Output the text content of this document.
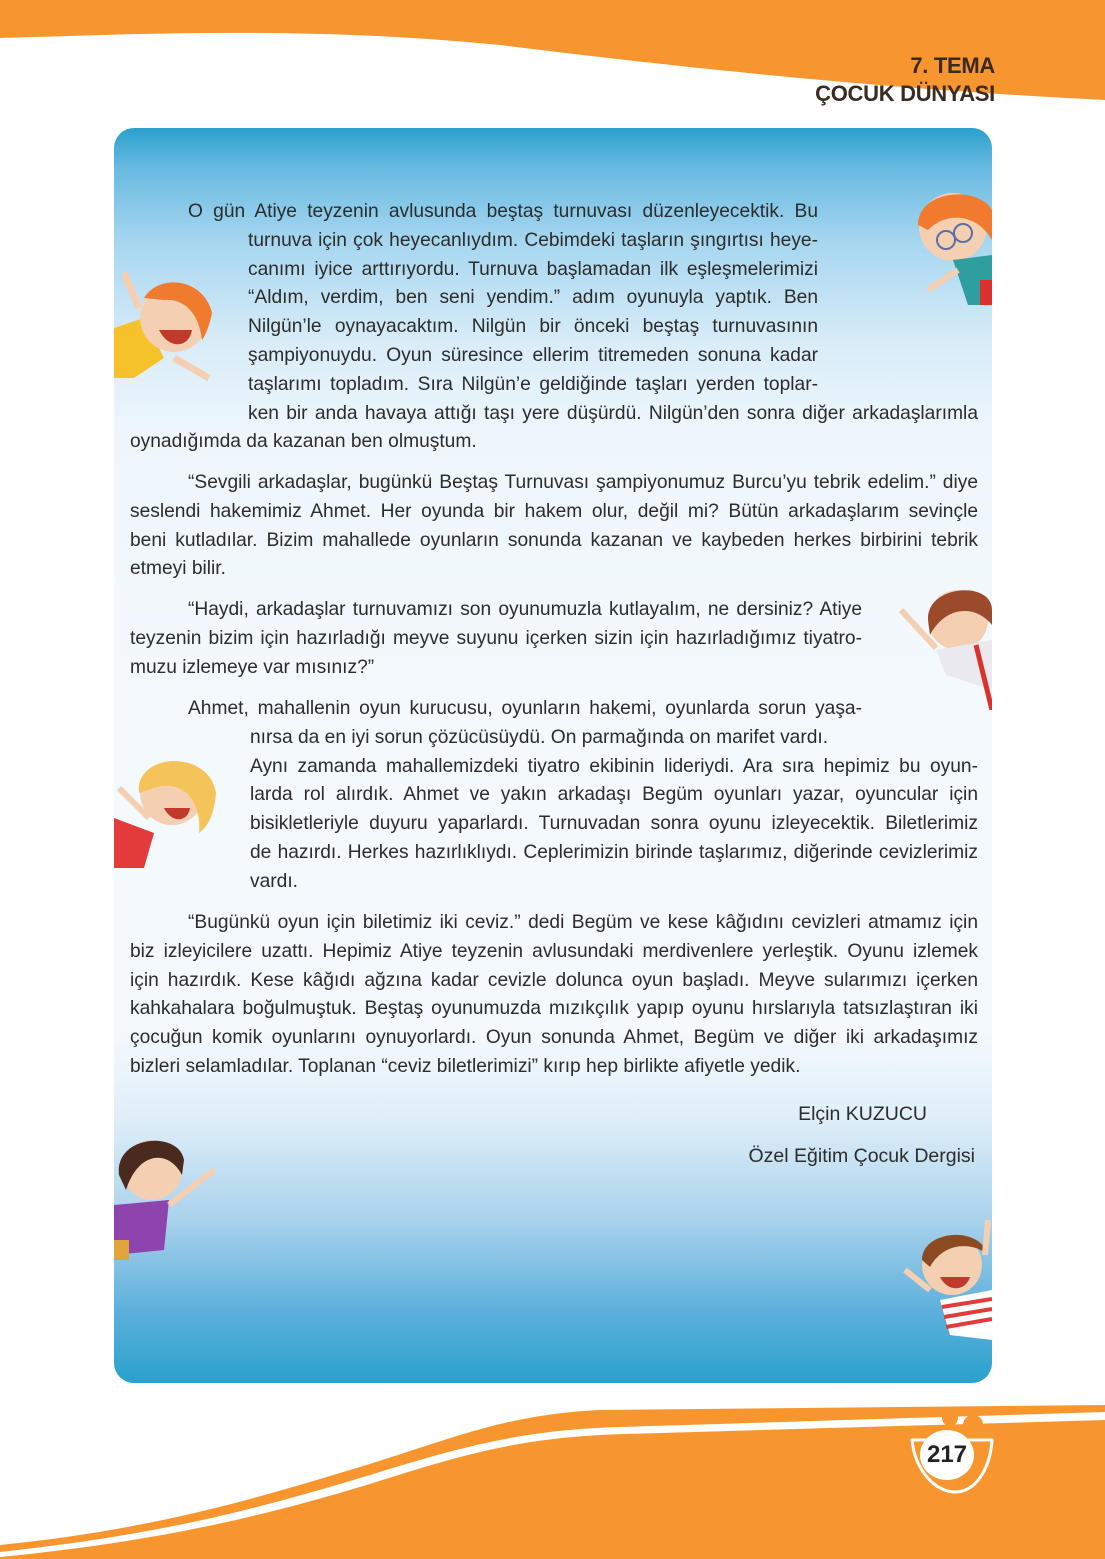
7. TEMA
ÇOCUK DÜNYASI
O gün Atiye teyzenin avlusunda beştaş turnuvası düzenleyecektik. Bu
turnuva için çok heyecanlıydım. Cebimdeki taşların şıngırtısı heye-
canımı iyice arttırıyordu. Turnuva başlamadan ilk eşleşmelerimizi
“Aldım, verdim, ben seni yendim.” adım oyunuyla yaptık. Ben
Nilgün’le oynayacaktım. Nilgün bir önceki beştaş turnuvasının
şampiyonuydu. Oyun süresince ellerim titremeden sonuna kadar
taşlarımı topladım. Sıra Nilgün’e geldiğinde taşları yerden toplar-
ken bir anda havaya attığı taşı yere düşürdü. Nilgün’den sonra diğer arkadaşlarımla
oynadığımda da kazanan ben olmuştum.
“Sevgili arkadaşlar, bugünkü Beştaş Turnuvası şampiyonumuz Burcu’yu tebrik edelim.” diye
seslendi hakemimiz Ahmet. Her oyunda bir hakem olur, değil mi? Bütün arkadaşlarım sevinçle
beni kutladılar. Bizim mahallede oyunların sonunda kazanan ve kaybeden herkes birbirini tebrik
etmeyi bilir.
“Haydi, arkadaşlar turnuvamızı son oyunumuzla kutlayalım, ne dersiniz? Atiye
teyzenin bizim için hazırladığı meyve suyunu içerken sizin için hazırladığımız tiyatro-
muzu izlemeye var mısınız?”
Ahmet, mahallenin oyun kurucusu, oyunların hakemi, oyunlarda sorun yaşa-
nırsa da en iyi sorun çözücüsüydü. On parmağında on marifet vardı.
Aynı zamanda mahallemizdeki tiyatro ekibinin lideriydi. Ara sıra hepimiz bu oyun-
larda rol alırdık. Ahmet ve yakın arkadaşı Begüm oyunları yazar, oyuncular için
bisikletleriyle duyuru yaparlardı. Turnuvadan sonra oyunu izleyecektik. Biletlerimiz
de hazırdı. Herkes hazırlıklıydı. Ceplerimizin birinde taşlarımız, diğerinde cevizlerimiz
vardı.
“Bugünkü oyun için biletimiz iki ceviz.” dedi Begüm ve kese kâğıdını cevizleri atmamız için
biz izleyicilere uzattı. Hepimiz Atiye teyzenin avlusundaki merdivenlere yerleştik. Oyunu izlemek
için hazırdık. Kese kâğıdı ağzına kadar cevizle dolunca oyun başladı. Meyve sularımızı içerken
kahkahalara boğulmuştuk. Beştaş oyunumuzda mızıkçılık yapıp oyunu hırslarıyla tatsızlaştıran iki
çocuğun komik oyunlarını oynuyorlardı. Oyun sonunda Ahmet, Begüm ve diğer iki arkadaşımız
bizleri selamladılar. Toplanan “ceviz biletlerimizi” kırıp hep birlikte afiyetle yedik.
Elçin KUZUCU
Özel Eğitim Çocuk Dergisi
217
